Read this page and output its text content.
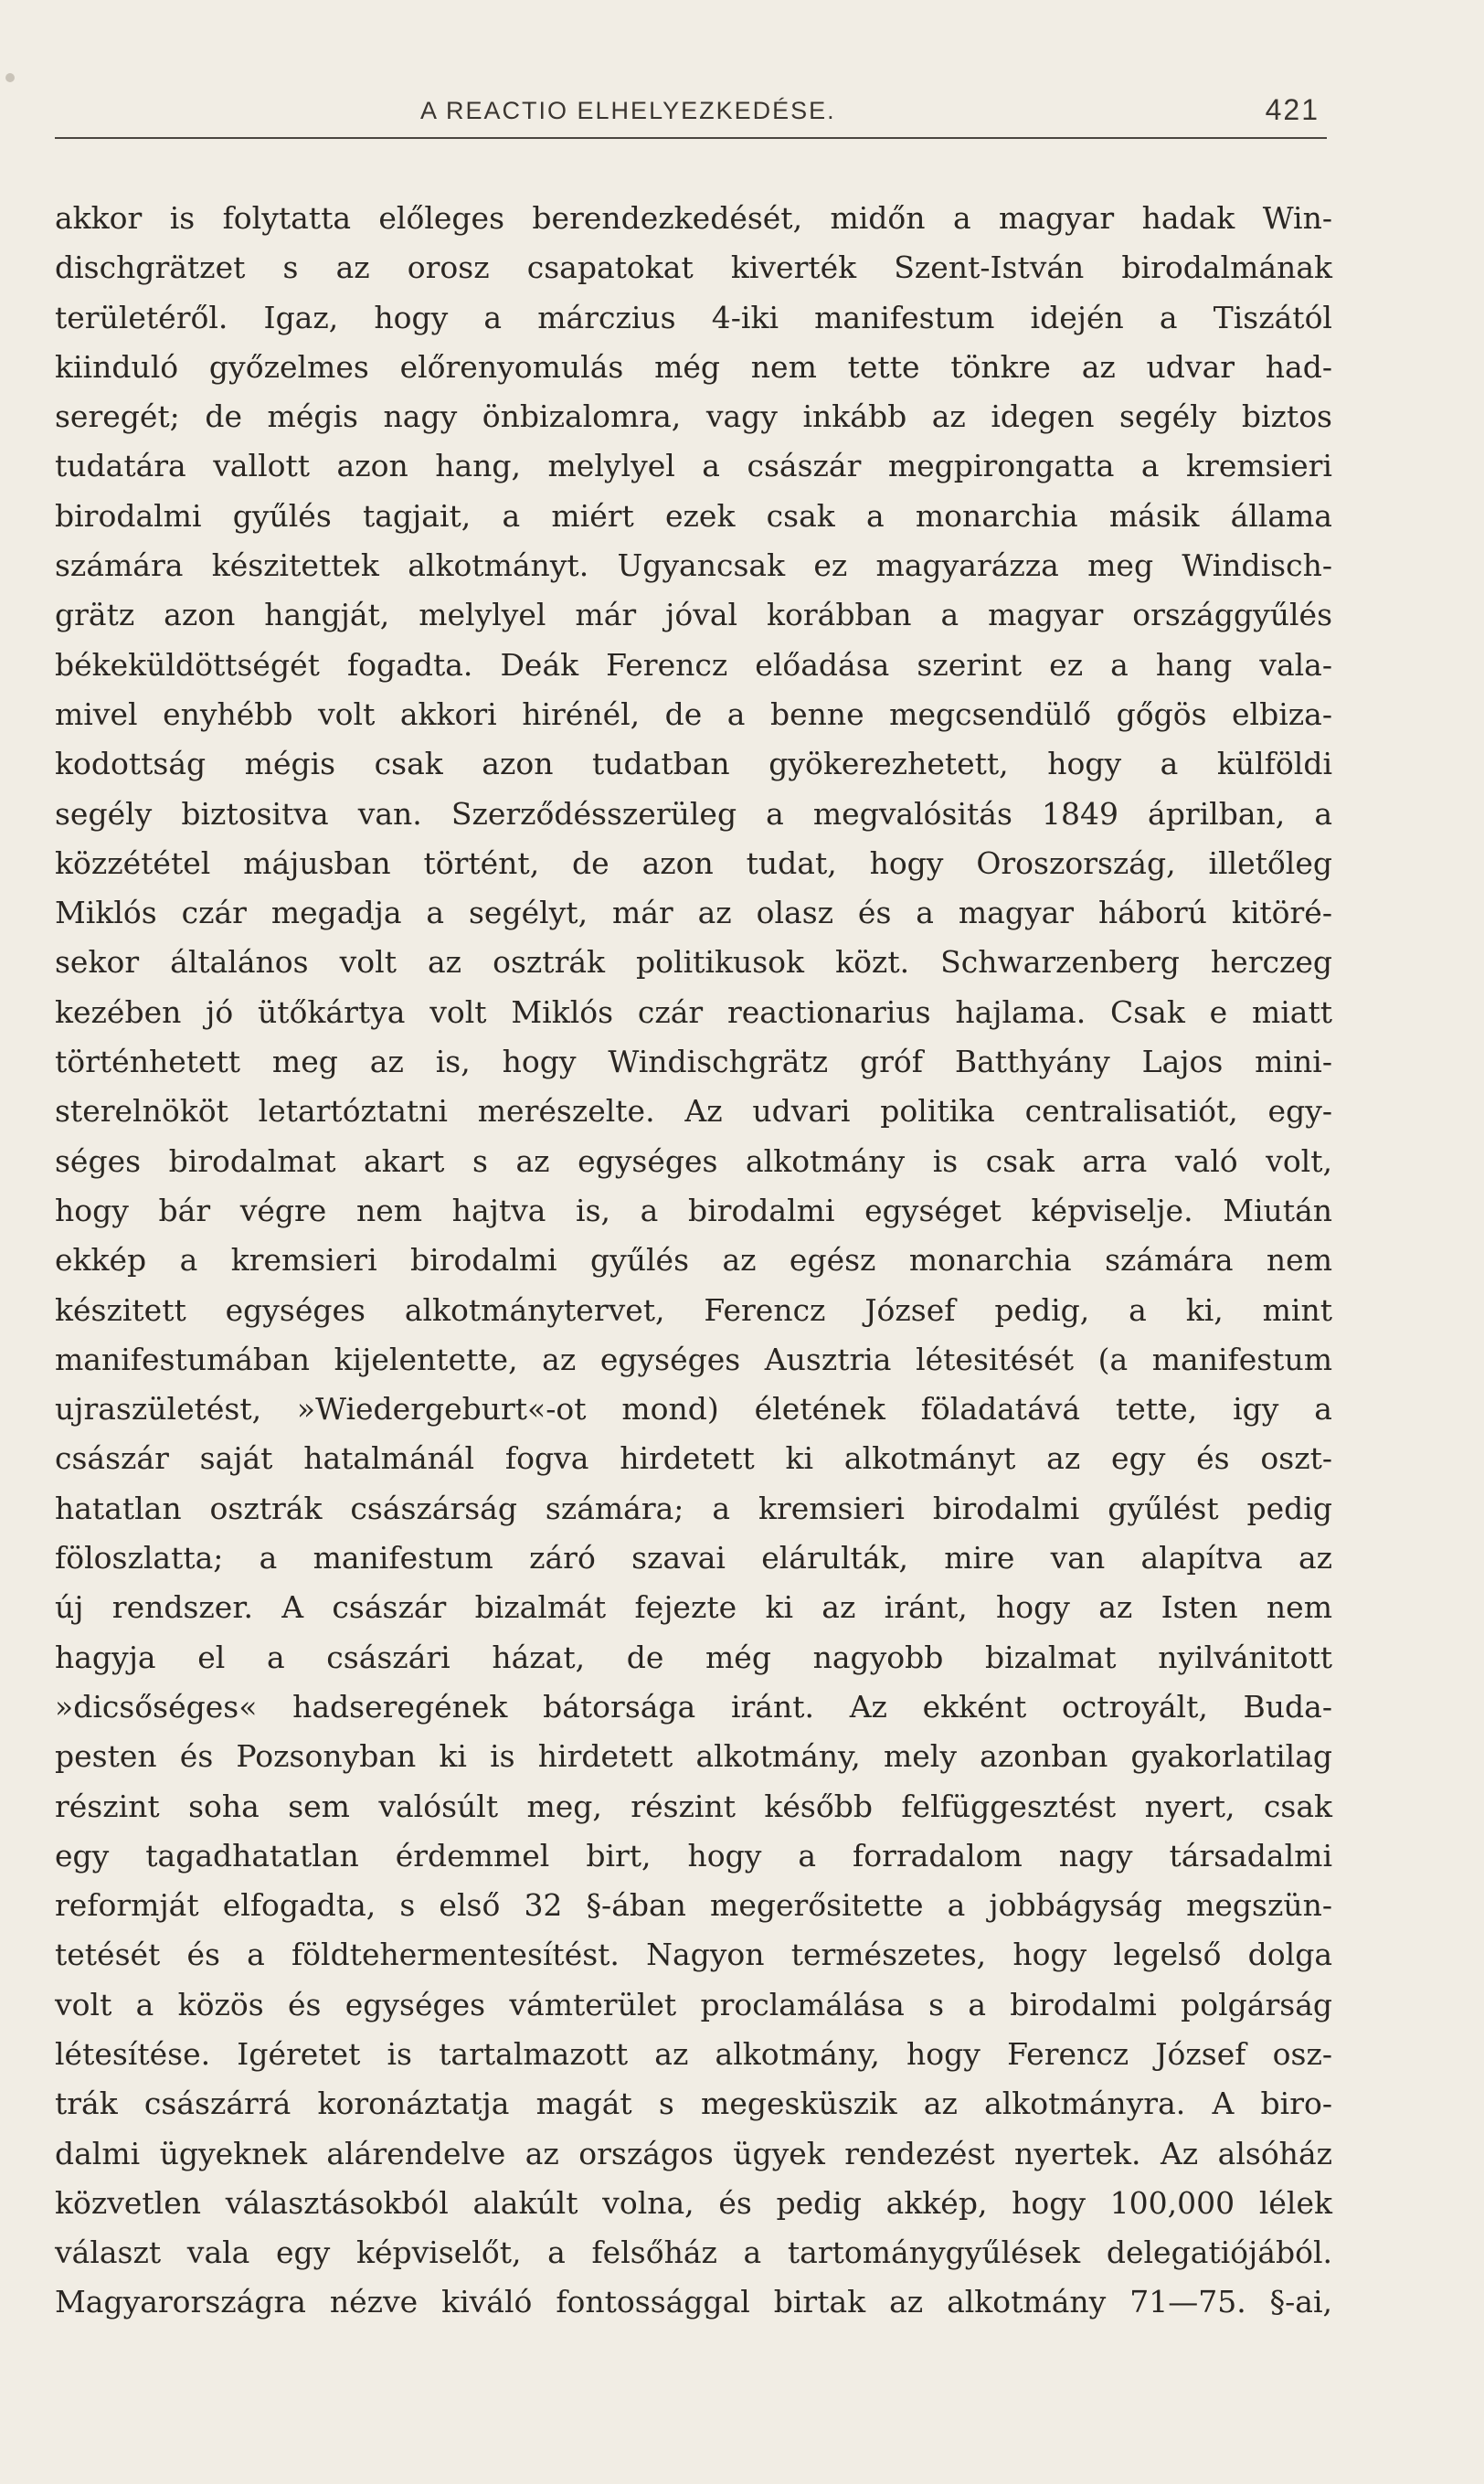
A REACTIO ELHELYEZKEDÉSE.	421
akkor is folytatta előleges berendezkedését, midőn a magyar hadak Win-
dischgrätzet s az orosz csapatokat kiverték Szent-István birodalmának
területéről. Igaz, hogy a márczius 4-iki manifestum idején a Tiszától
kiinduló győzelmes előrenyomulás még nem tette tönkre az udvar had-
seregét; de mégis nagy önbizalomra, vagy inkább az idegen segély biztos
tudatára vallott azon hang, melylyel a császár megpirongatta a kremsieri
birodalmi gyűlés tagjait, a miért ezek csak a monarchia másik államа
számára készitettek alkotmányt. Ugyancsak ez magyarázza meg Windisch-
grätz azon hangját, melylyel már jóval korábban a magyar országgyűlés
békeküldöttségét fogadta. Deák Ferencz előadása szerint ez a hang vala-
mivel enyhébb volt akkori hirénél, de a benne megcsendülő gőgös elbiza-
kodottság mégis csak azon tudatban gyökerezhetett, hogy a külföldi
segély biztositva van. Szerződésszerüleg a megvalósitás 1849 áprilban, a
közzététel májusban történt, de azon tudat, hogy Oroszország, illetőleg
Miklós czár megadja a segélyt, már az olasz és a magyar háború kitöré-
sekor általános volt az osztrák politikusok közt. Schwarzenberg herczeg
kezében jó ütőkártya volt Miklós czár reactionarius hajlama. Csak e miatt
történhetett meg az is, hogy Windischgrätz gróf Batthyány Lajos mini-
sterelnököt letartóztatni merészelte. Az udvari politika centralisatiót, egy-
séges birodalmat akart s az egységes alkotmány is csak arra való volt,
hogy bár végre nem hajtva is, a birodalmi egységet képviselje. Miután
ekkép a kremsieri birodalmi gyűlés az egész monarchia számára nem
készitett egységes alkotmánytervet, Ferencz József pedig, a ki, mint
manifestumában kijelentette, az egységes Ausztria létesitését (a manifestum
ujraszületést, »Wiedergeburt«-ot mond) életének föladatává tette, igy a
császár saját hatalmánál fogva hirdetett ki alkotmányt az egy és oszt-
hatatlan osztrák császárság számára; a kremsieri birodalmi gyűlést pedig
föloszlatta; a manifestum záró szavai elárulták, mire van alapítva az
új rendszer. A császár bizalmát fejezte ki az iránt, hogy az Isten nem
hagyja el a császári házat, de még nagyobb bizalmat nyilvánitott
»dicsőséges« hadseregének bátorsága iránt. Az ekként octroyált, Buda-
pesten és Pozsonyban ki is hirdetett alkotmány, mely azonban gyakorlatilag
részint soha sem valósúlt meg, részint később felfüggesztést nyert, csak
egy tagadhatatlan érdemmel birt, hogy a forradalom nagy társadalmi
reformját elfogadta, s első 32 §-ában megerősitette a jobbágyság megszün-
tetését és a földtehermentesítést. Nagyon természetes, hogy legelső dolga
volt a közös és egységes vámterület proclamálása s a birodalmi polgárság
létesítése. Igéretet is tartalmazott az alkotmány, hogy Ferencz József osz-
trák császárrá koronáztatja magát s megesküszik az alkotmányra. A biro-
dalmi ügyeknek alárendelve az országos ügyek rendezést nyertek. Az alsóház
közvetlen választásokból alakúlt volna, és pedig akkép, hogy 100,000 lélek
választ vala egy képviselőt, a felsőház a tartománygyűlések delegatiójából.
Magyarországra nézve kiváló fontossággal birtak az alkotmány 71—75. §-ai,
